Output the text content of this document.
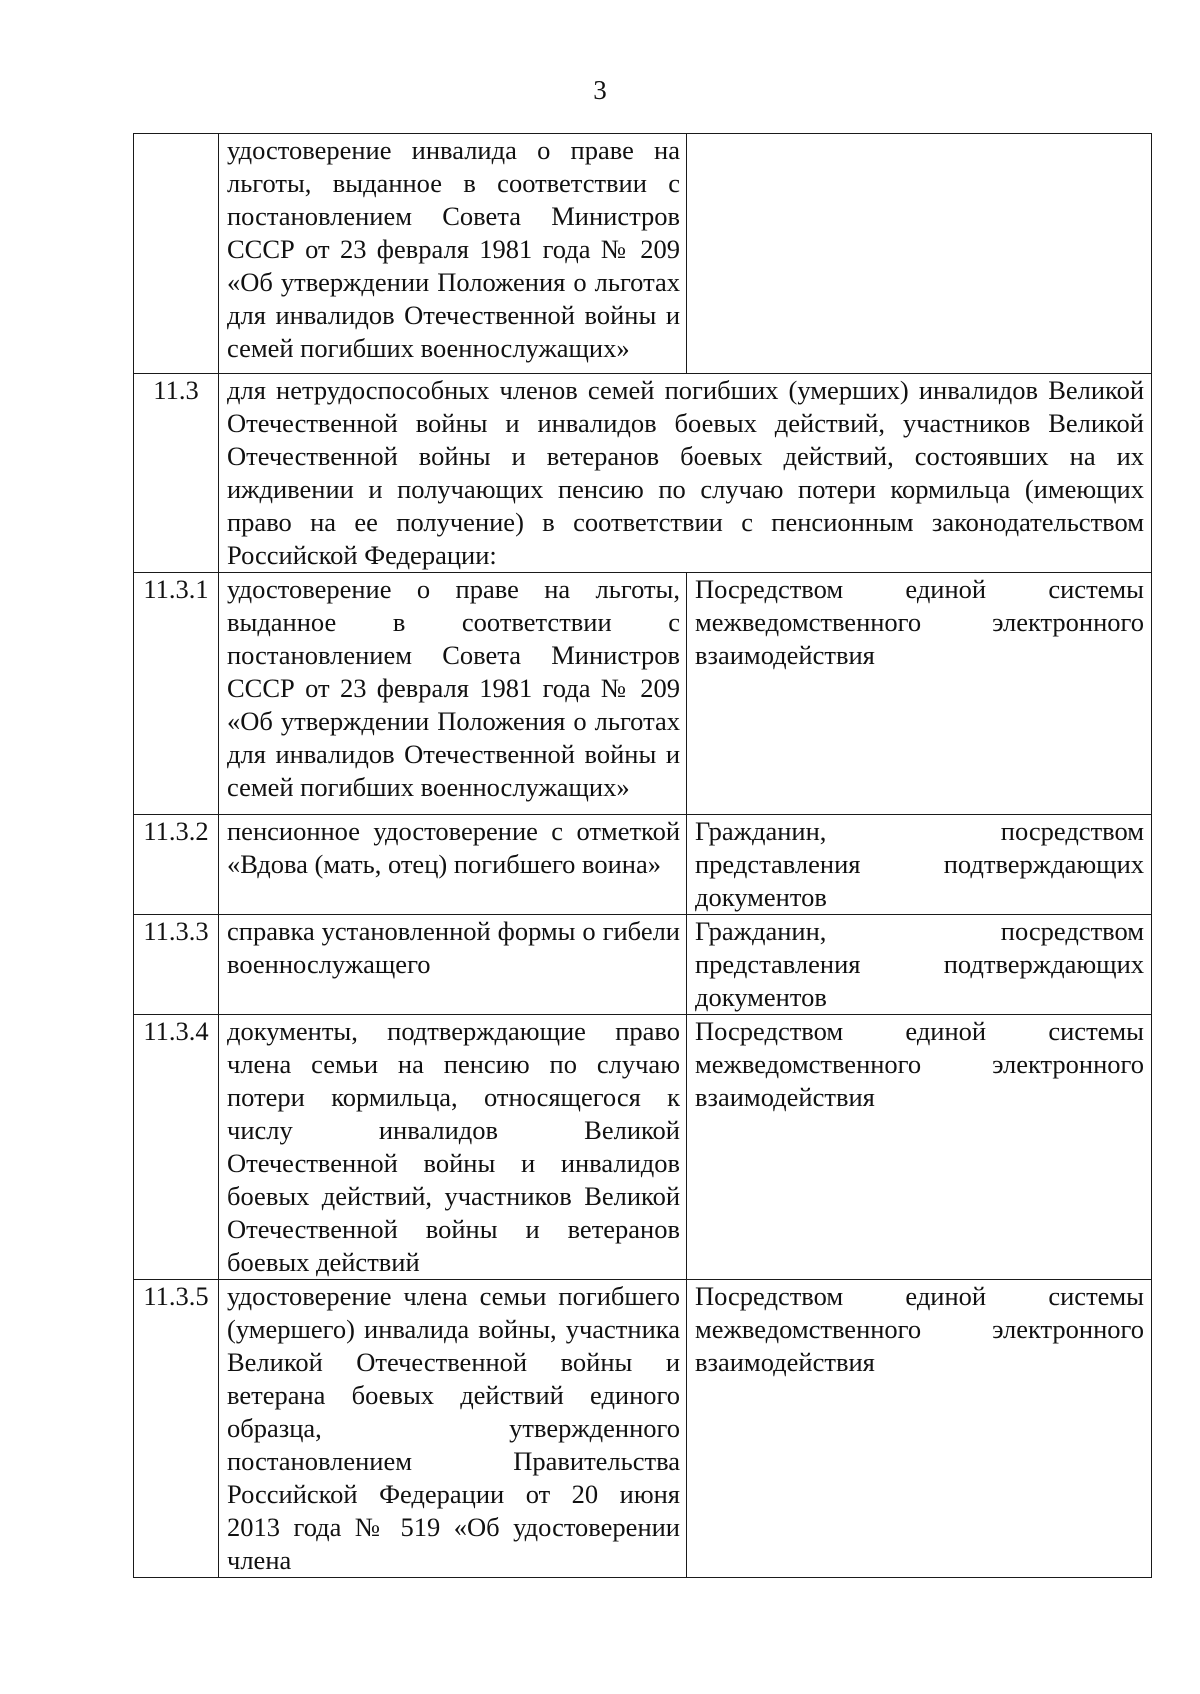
3
	удостоверение инвалида о праве на льготы, выданное в соответствии с постановлением Совета Министров СССР от 23 февраля 1981 года № 209 «Об утверждении Положения о льготах для инвалидов Отечественной войны и семей погибших военнослужащих»	
11.3	для нетрудоспособных членов семей погибших (умерших) инвалидов Великой Отечественной войны и инвалидов боевых действий, участников Великой Отечественной войны и ветеранов боевых действий, состоявших на их иждивении и получающих пенсию по случаю потери кормильца (имеющих право на ее получение) в соответствии с пенсионным законодательством Российской Федерации:	
11.3.1	удостоверение о праве на льготы, выданное в соответствии с постановлением Совета Министров СССР от 23 февраля 1981 года № 209 «Об утверждении Положения о льготах для инвалидов Отечественной войны и семей погибших военнослужащих»	Посредством единой системы межведомственного электронного взаимодействия
11.3.2	пенсионное удостоверение с отметкой «Вдова (мать, отец) погибшего воина»	Гражданин, посредством представления подтверждающих документов
11.3.3	справка установленной формы о гибели военнослужащего	Гражданин, посредством представления подтверждающих документов
11.3.4	документы, подтверждающие право члена семьи на пенсию по случаю потери кормильца, относящегося к числу инвалидов Великой Отечественной войны и инвалидов боевых действий, участников Великой Отечественной войны и ветеранов боевых действий	Посредством единой системы межведомственного электронного взаимодействия
11.3.5	удостоверение члена семьи погибшего (умершего) инвалида войны, участника Великой Отечественной войны и ветерана боевых действий единого образца, утвержденного постановлением Правительства Российской Федерации от 20 июня 2013 года № 519 «Об удостоверении члена	Посредством единой системы межведомственного электронного взаимодействия
